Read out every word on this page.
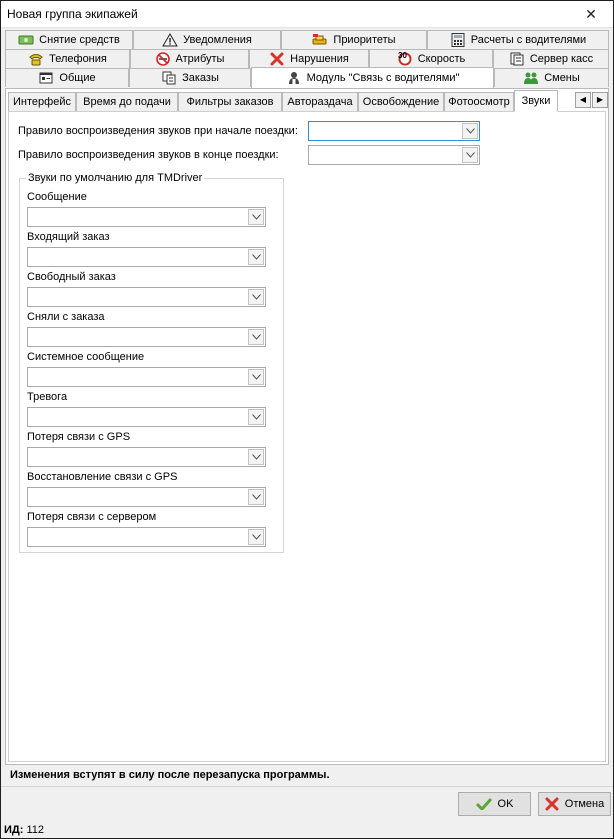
Новая группа экипажей	✕
Снятие средств	Уведомления	Приоритеты	Расчеты с водителями
Телефония	Атрибуты	Нарушения	Скорость	Сервер касс
Общие	Заказы	Модуль "Связь с водителями"	Смены
Интерфейс	Время до подачи	Фильтры заказов	Авторaздача Освобождение Фотоосмотр	Звуки	◀	▶
Правило воспроизведения звуков при начале поездки:
Правило воспроизведения звуков в конце поездки:
Звуки по умолчанию для TMDriver
Сообщение
Входящий заказ
Свободный заказ
Сняли с заказа
Системное сообщение
Тревога
Потеря связи с GPS
Восстановление связи с GPS
Потеря связи с сервером
Изменения вступят в силу после перезапуска программы.
OK	Отмена
ИД: 112
30
